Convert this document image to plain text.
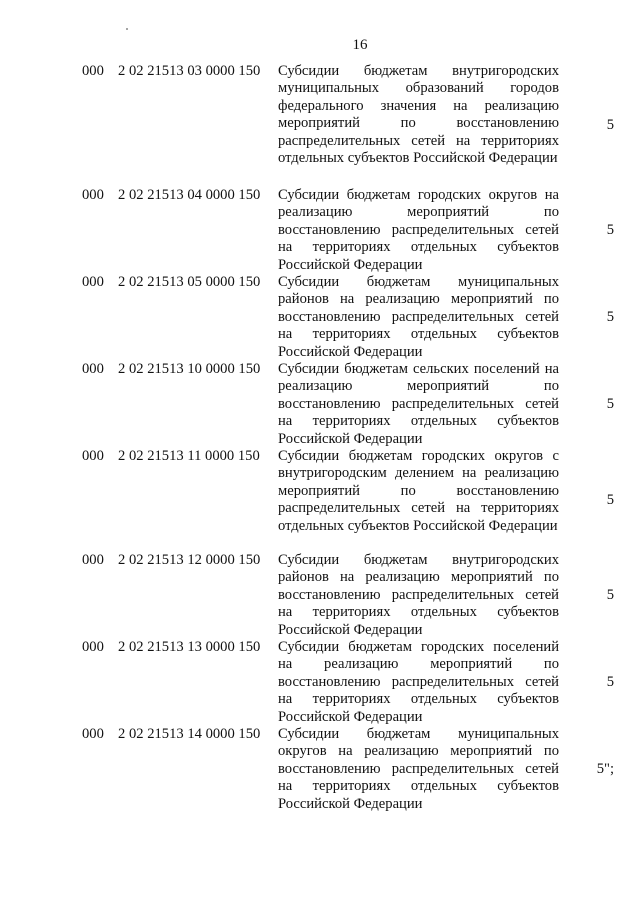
16
000 2 02 21513 03 0000 150 Субсидии бюджетам внутригородских муниципальных образований городов федерального значения на реализацию мероприятий по восстановлению распределительных сетей на территориях отдельных субъектов Российской Федерации
5
000 2 02 21513 04 0000 150 Субсидии бюджетам городских округов на реализацию мероприятий по восстановлению распределительных сетей на территориях отдельных субъектов Российской Федерации
5
000 2 02 21513 05 0000 150 Субсидии бюджетам муниципальных районов на реализацию мероприятий по восстановлению распределительных сетей на территориях отдельных субъектов Российской Федерации
5
000 2 02 21513 10 0000 150 Субсидии бюджетам сельских поселений на реализацию мероприятий по восстановлению распределительных сетей на территориях отдельных субъектов Российской Федерации
5
000 2 02 21513 11 0000 150 Субсидии бюджетам городских округов с внутригородским делением на реализацию мероприятий по восстановлению распределительных сетей на территориях отдельных субъектов Российской Федерации
5
000 2 02 21513 12 0000 150 Субсидии бюджетам внутригородских районов на реализацию мероприятий по восстановлению распределительных сетей на территориях отдельных субъектов Российской Федерации
5
000 2 02 21513 13 0000 150 Субсидии бюджетам городских поселений на реализацию мероприятий по восстановлению распределительных сетей на территориях отдельных субъектов Российской Федерации
5
000 2 02 21513 14 0000 150 Субсидии бюджетам муниципальных округов на реализацию мероприятий по восстановлению распределительных сетей на территориях отдельных субъектов Российской Федерации
5";
